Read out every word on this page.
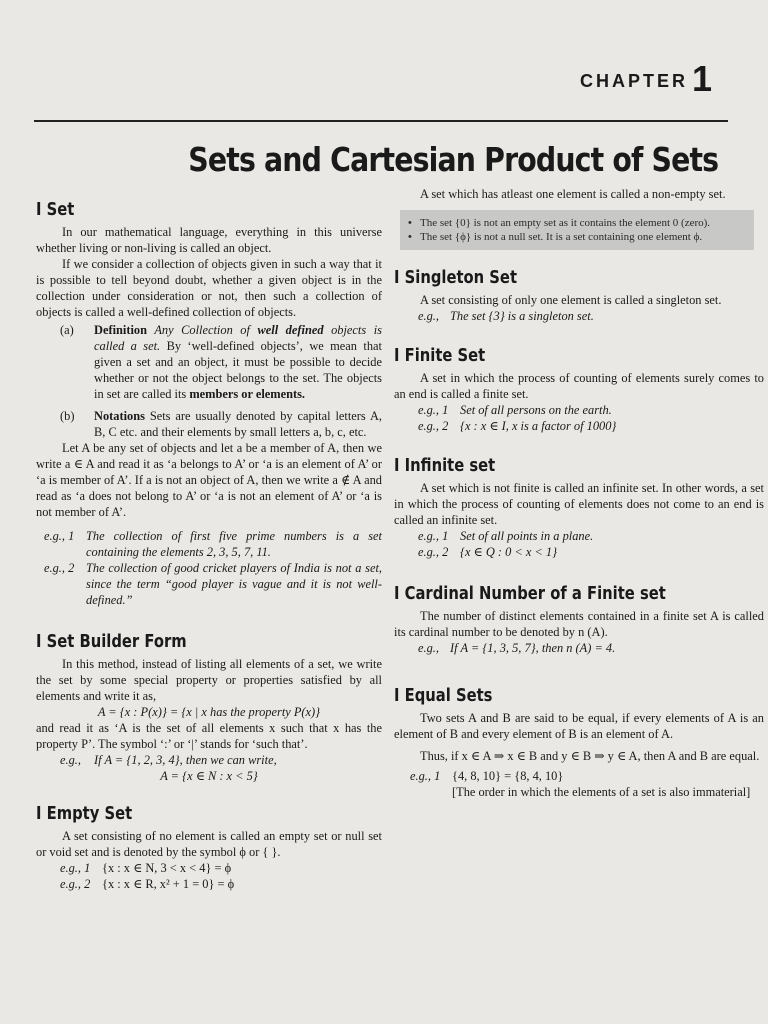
CHAPTER 1
Sets and Cartesian Product of Sets
I Set

In our mathematical language, everything in this universe whether living or non-living is called an object.

If we consider a collection of objects given in such a way that it is possible to tell beyond doubt, whether a given object is in the collection under consideration or not, then such a collection of objects is called a well-defined collection of objects.

(a)	Definition Any Collection of well defined objects is called a set. By ‘well-defined objects’, we mean that given a set and an object, it must be possible to decide whether or not the object belongs to the set. The objects in set are called its members or elements.

(b)	Notations Sets are usually denoted by capital letters A, B, C etc. and their elements by small letters a, b, c, etc.

Let A be any set of objects and let a be a member of A, then we write a ∈ A and read it as ‘a belongs to A’ or ‘a is an element of A’ or ‘a is member of A’. If a is not an object of A, then we write a ∉ A and read as ‘a does not belong to A’ or ‘a is not an element of A’ or ‘a is not member of A’.

e.g., 1 The collection of first five prime numbers is a set containing the elements 2, 3, 5, 7, 11.

e.g., 2 The collection of good cricket players of India is not a set, since the term “good player is vague and it is not well-defined.”

I Set Builder Form

In this method, instead of listing all elements of a set, we write the set by some special property or properties satisfied by all elements and write it as,

A = {x : P(x)} = {x | x has the property P(x)}

and read it as ‘A is the set of all elements x such that x has the property P’. The symbol ‘:’ or ‘|’ stands for ‘such that’.

e.g.,	If A = {1, 2, 3, 4}, then we can write,

A = {x ∈ N : x < 5}

I Empty Set

A set consisting of no element is called an empty set or null set or void set and is denoted by the symbol ϕ or { }.

e.g., 1 {x : x ∈ N, 3 < x < 4} = ϕ

e.g., 2 {x : x ∈ R, x² + 1 = 0} = ϕ

A set which has atleast one element is called a non-empty set.

• The set {0} is not an empty set as it contains the element 0 (zero).

• The set {ϕ} is not a null set. It is a set containing one element ϕ.

I Singleton Set

A set consisting of only one element is called a singleton set.

e.g., The set {3} is a singleton set.

I Finite Set

A set in which the process of counting of elements surely comes to an end is called a finite set.

e.g., 1 Set of all persons on the earth.

e.g., 2 {x : x ∈ I, x is a factor of 1000}

I Infinite set

A set which is not finite is called an infinite set. In other words, a set in which the process of counting of elements does not come to an end is called an infinite set.

e.g., 1 Set of all points in a plane.

e.g., 2 {x ∈ Q : 0 < x < 1}

I Cardinal Number of a Finite set

The number of distinct elements contained in a finite set A is called its cardinal number to be denoted by n (A).

e.g., If A = {1, 3, 5, 7}, then n (A) = 4.

I Equal Sets

Two sets A and B are said to be equal, if every elements of A is an element of B and every element of B is an element of A.

Thus, if x ∈ A ⇒ x ∈ B and y ∈ B ⇒ y ∈ A, then A and B are equal.

e.g., 1 {4, 8, 10} = {8, 4, 10}

[The order in which the elements of a set is also immaterial]
